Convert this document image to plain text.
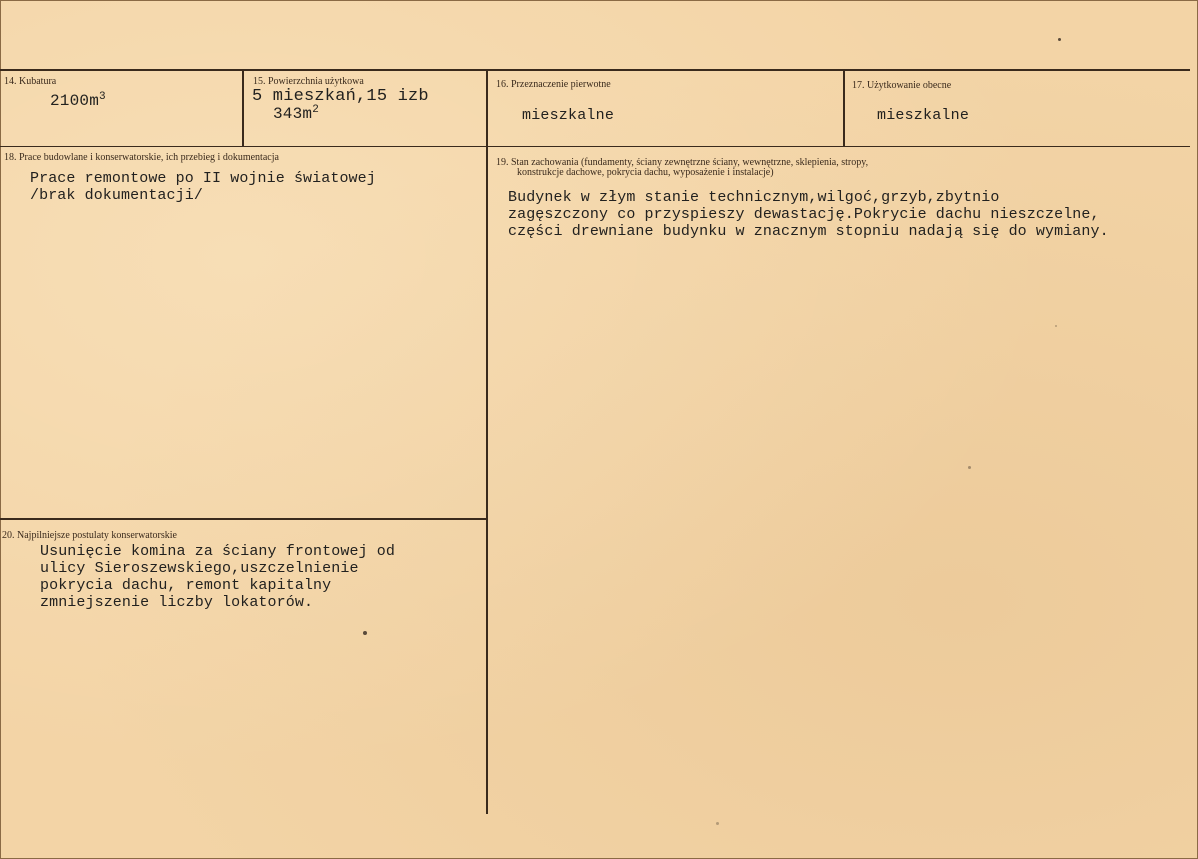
14. Kubatura
$2100m^3$
15. Powierzchnia użytkowa
5 mieszkań,15 izb
$343m^2$
16. Przeznaczenie pierwotne
mieszkalne
17. Użytkowanie obecne
mieszkalne
18. Prace budowlane i konserwatorskie, ich przebieg i dokumentacja
Prace remontowe po II wojnie światowej
/brak dokumentacji/
19. Stan zachowania (fundamenty, ściany zewnętrzne ściany, wewnętrzne, sklepienia, stropy,
konstrukcje dachowe, pokrycia dachu, wyposażenie i instalacje)
Budynek w złym stanie technicznym,wilgoć,grzyb,zbytnio
zagęszczony co przyspieszy dewastację.Pokrycie dachu nieszczelne,
części drewniane budynku w znacznym stopniu nadają się do wymiany.
20. Najpilniejsze postulaty konserwatorskie
Usunięcie komina za ściany frontowej od
ulicy Sieroszewskiego,uszczelnienie
pokrycia dachu, remont kapitalny
zmniejszenie liczby lokatorów.
